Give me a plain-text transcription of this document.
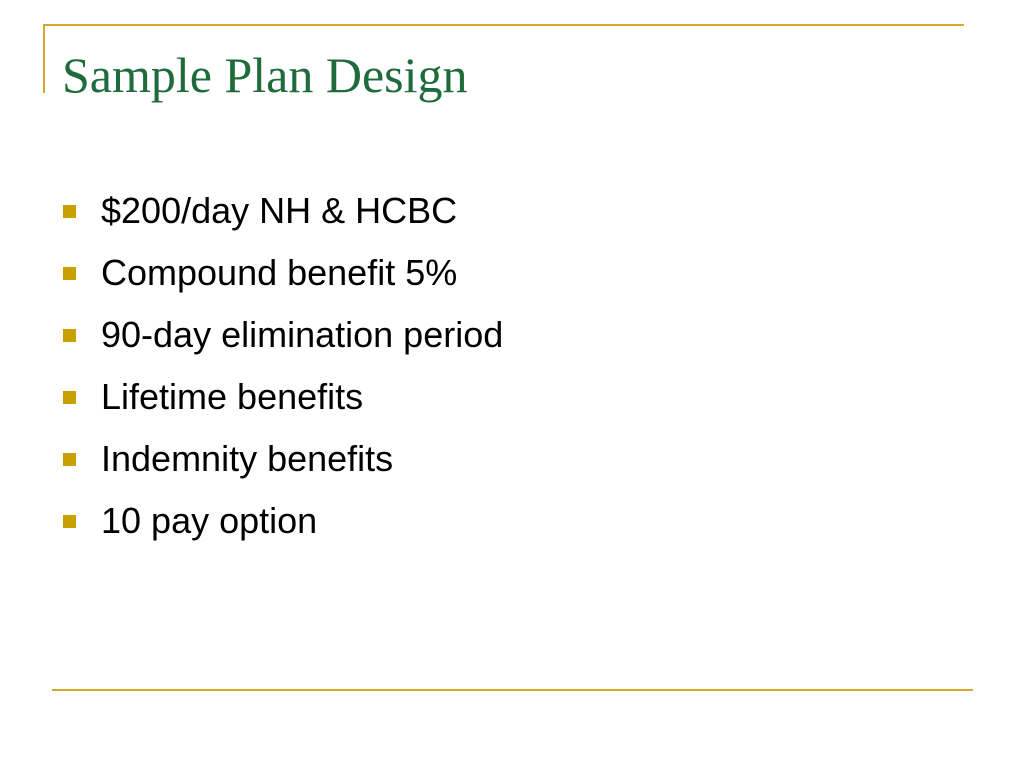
Sample Plan Design
$200/day NH & HCBC
Compound benefit 5%
90-day elimination period
Lifetime benefits
Indemnity benefits
10 pay option
